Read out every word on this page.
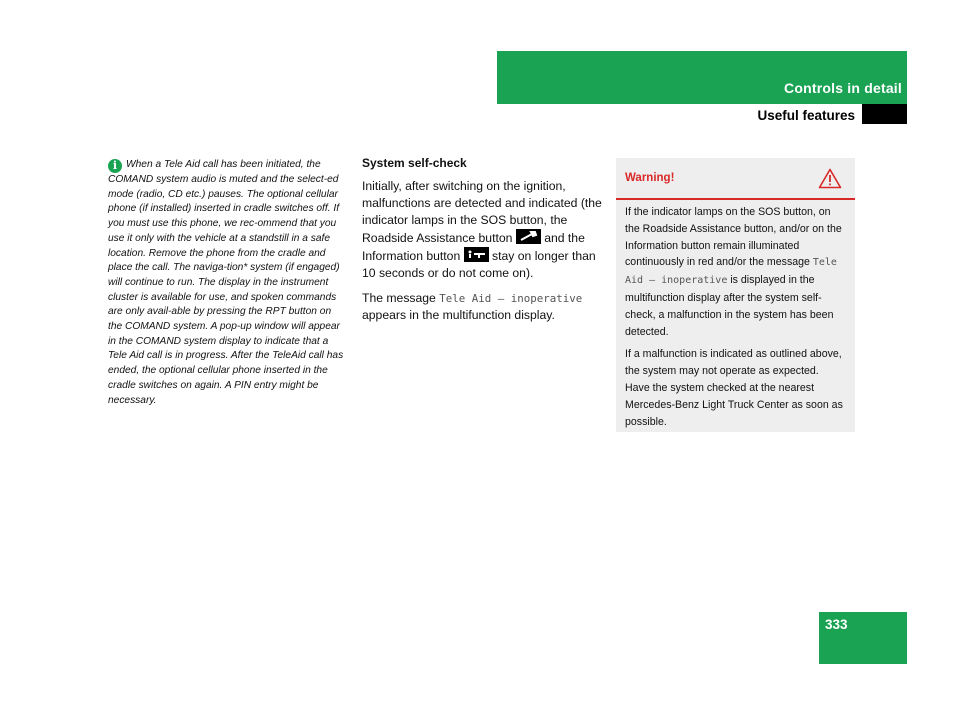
Controls in detail
Useful features
i When a Tele Aid call has been initiated, the COMAND system audio is muted and the select-ed mode (radio, CD etc.) pauses. The optional cellular phone (if installed) inserted in cradle switches off. If you must use this phone, we rec-ommend that you use it only with the vehicle at a standstill in a safe location. Remove the phone from the cradle and place the call. The naviga-tion* system (if engaged) will continue to run. The display in the instrument cluster is available for use, and spoken commands are only avail-able by pressing the RPT button on the COMAND system. A pop-up window will appear in the COMAND system display to indicate that a Tele Aid call is in progress. After the TeleAid call has ended, the optional cellular phone inserted in the cradle switches on again. A PIN entry might be necessary.
System self-check

Initially, after switching on the ignition, malfunctions are detected and indicated (the indicator lamps in the SOS button, the Roadside Assistance button	and the Information button	stay on longer than 10 seconds or do not come on).

The message Tele Aid – inoperative appears in the multifunction display.

Warning!

If the indicator lamps on the SOS button, on the Roadside Assistance button, and/or on the Information button remain illuminated continuously in red and/or the message Tele Aid – inoperative is displayed in the multifunction display after the system self-check, a malfunction in the system has been detected.

If a malfunction is indicated as outlined above, the system may not operate as expected. Have the system checked at the nearest Mercedes-Benz Light Truck Center as soon as possible.

333
